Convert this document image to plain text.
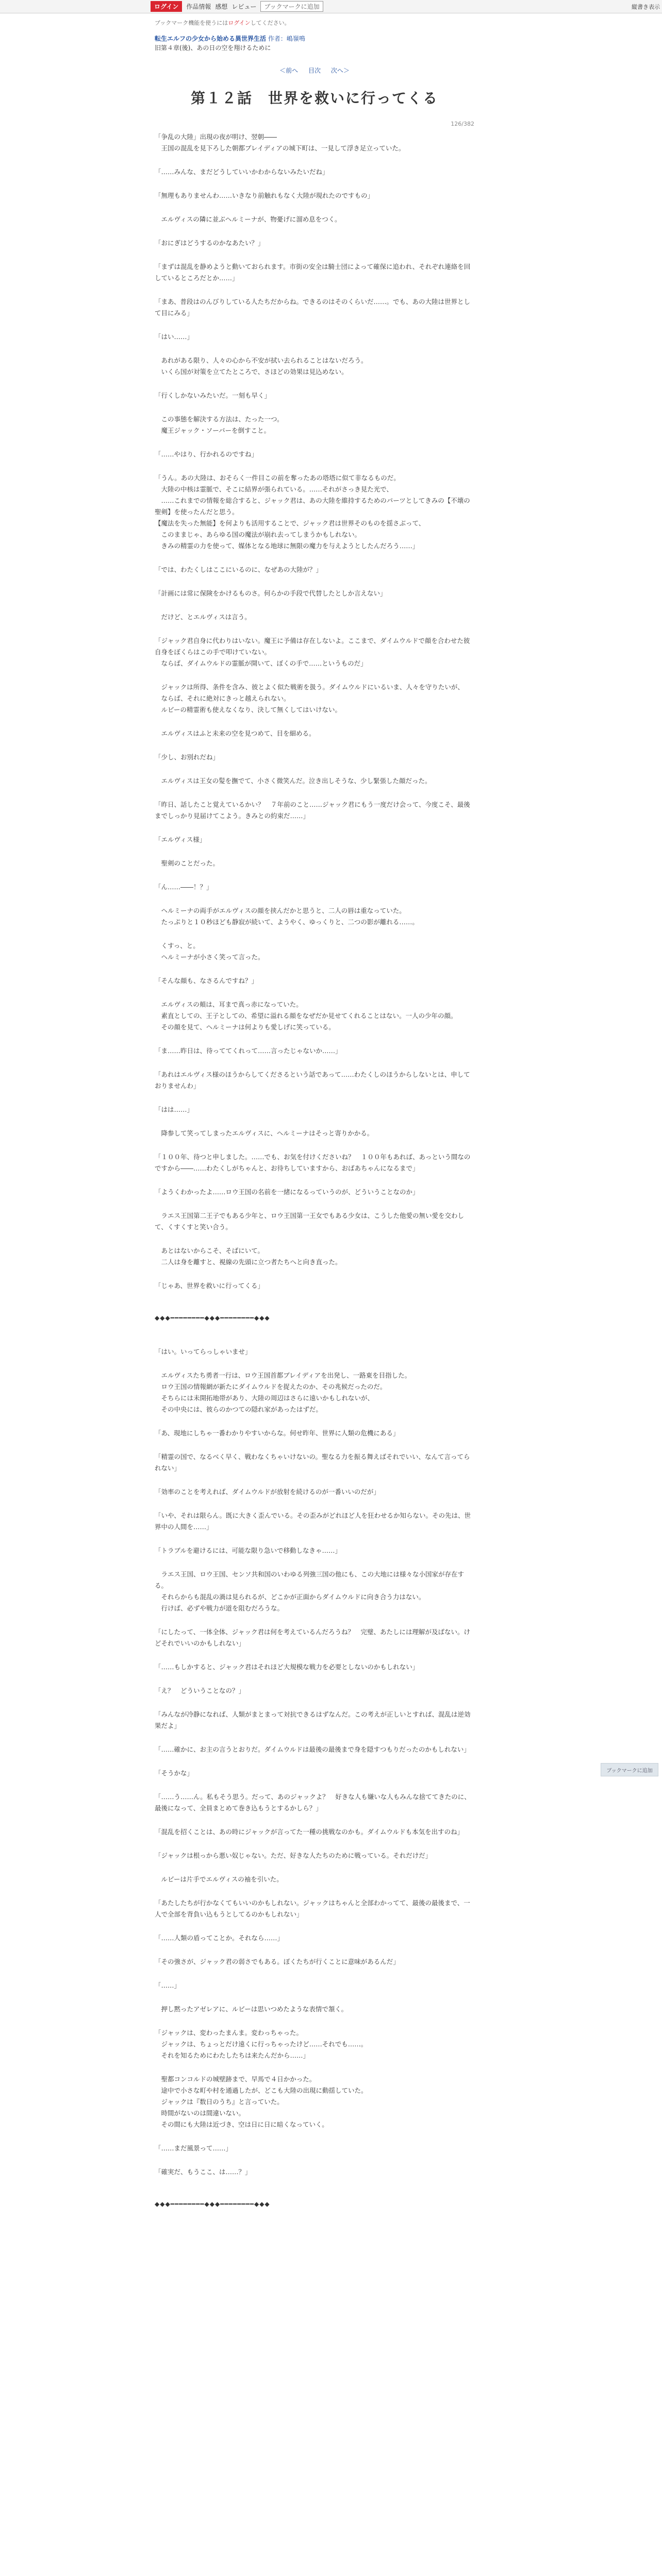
ログイン	作品情報 感想 レビュー	ブックマークに追加	縦書き表示
ブックマーク機能を使うにはログインしてください。
転生エルフの少女から始める異世界生活 作者：嶋嶺鳴
旧第４章(後)、あの日の空を翔けるために
126/382
＜前へ 目次 次へ＞
第１２話　世界を救いに行ってくる
「争乱の大陸」出現の夜が明け、翌朝――
　王国の混乱を見下ろした朝都ブレイディアの城下町は、一見して浮き足立っていた。
「……みんな、まだどうしていいかわからないみたいだね」
「無理もありませんわ……いきなり前触れもなく大陸が現れたのですもの」
　エルヴィスの隣に並ぶヘルミーナが、物憂げに溜め息をつく。
「おにぎはどうするのかなあたい？」
「まずは混乱を静めようと動いておられます。市街の安全は騎士団によって確保に追われ、それぞれ連絡を回しているところだとか……」
「まあ、普段はのんびりしている人たちだからね。できるのはそのくらいだ……。でも、あの大陸は世界として目にみる」
「はい……」
　あれがある限り、人々の心から不安が拭い去られることはないだろう。
　いくら国が対策を立てたところで、さほどの効果は見込めない。
「行くしかないみたいだ。一刻も早く」
　この事態を解決する方法は、たった一つ。
　魔王ジャック・ソーバーを倒すこと。
「……やはり、行かれるのですね」
「うん。あの大陸は、おそらく一件目この前を奪ったあの塔塔に似て非なるものだ。
　大陸の中核は霊脈で、そこに結界が張られている。……それがさっき見た光で、
　……これまでの情報を総合すると、ジャック君は、あの大陸を維持するためのパーツとしてきみの【不壊の聖剣】を使ったんだと思う。
【魔法を失った無能】を何よりも活用することで、ジャック君は世界そのものを揺さぶって、
　このままじゃ、あらゆる国の魔法が崩れ去ってしまうかもしれない。
　きみの精霊の力を使って、媒体となる地球に無限の魔力を与えようとしたんだろう……」
「では、わたくしはここにいるのに、なぜあの大陸が？」
「計画には常に保険をかけるものさ。何らかの手段で代替したとしか言えない」
　だけど、とエルヴィスは言う。
「ジャック君自身に代わりはいない。魔王に予備は存在しないよ。ここまで、ダイムウルドで顔を合わせた彼自身をぼくらはこの手で叩けていない。
　ならば、ダイムウルドの霊脈が開いて、ぼくの手で……というものだ」
　ジャックは所得、条件を含み、彼とよく似た戦術を扱う。ダイムウルドにいるいま、人々を守りたいが、
　ならば、それに絶対にきっと越えられない。
　ルビーの精霊術も使えなくなり、決して無くしてはいけない。
　エルヴィスはふと未来の空を見つめて、目を細める。
「少し、お別れだね」
　エルヴィスは王女の髪を撫でて、小さく微笑んだ。泣き出しそうな、少し緊張した顔だった。
「昨日、話したこと覚えているかい？　７年前のこと……ジャック君にもう一度だけ会って、今度こそ、最後までしっかり見届けてこよう。きみとの約束だ……」
「エルヴィス様」
　聖剣のことだった。
「ん……――！？」
　ヘルミーナの両手がエルヴィスの顔を挟んだかと思うと、二人の唇は重なっていた。
　たっぷりと１０秒ほども静寂が続いて、ようやく、ゆっくりと、二つの影が離れる……。
　くすっ、と。
　ヘルミーナが小さく笑って言った。
「そんな顔も、なさるんですね？」
　エルヴィスの頬は、耳まで真っ赤になっていた。
　素直としての、王子としての、希望に溢れる顔をなぜだか見せてくれることはない。一人の少年の顔。
　その顔を見て、ヘルミーナは何よりも愛しげに笑っている。
「ま……昨日は、待っててくれって……言ったじゃないか……」
「あれはエルヴィス様のほうからしてくださるという話であって……わたくしのほうからしないとは、申しておりませんわ」
「はは……」
　降参して笑ってしまったエルヴィスに、ヘルミーナはそっと寄りかかる。
「１００年、待つと申しました。……でも、お気を付けくださいね？　１００年もあれば、あっという間なのですから――……わたくしがちゃんと、お待ちしていますから、おばあちゃんになるまで」
「ようくわかったよ……ロウ王国の名前を一緒になるっていうのが、どういうことなのか」
　ラエス王国第二王子でもある少年と、ロウ王国第一王女でもある少女は、こうした他愛の無い愛を交わして、くすくすと笑い合う。
　あとはないからこそ、そばにいて。
　二人は身を離すと、視線の先頭に立つ者たちへと向き直った。
「じゃあ、世界を救いに行ってくる」
◆◆◆━━━━━━━━◆◆◆━━━━━━━━◆◆◆
「はい。いってらっしゃいませ」
　エルヴィスたち勇者一行は、ロウ王国首都ブレイディアを出発し、一路東を目指した。
　ロウ王国の情報網が新たにダイムウルドを捉えたのか、その兆候だったのだ。
　そちらには未開拓地帯があり、大陸の周辺はさらに遠いかもしれないが、
　その中央には、彼らのかつての隠れ家があったはずだ。
「あ、現地にしちゃ一番わかりやすいからな。何せ昨年、世界に人類の危機にある」
「精霊の国で、なるべく早く、戦わなくちゃいけないの。聖なる力を振る舞えばそれでいい、なんて言ってられない」
「効率のことを考えれば、ダイムウルドが放射を続けるのが一番いいのだが」
「いや、それは限らん。既に大きく歪んでいる。その歪みがどれほど人を狂わせるか知らない。その先は、世界中の人間を……」
「トラブルを避けるには、可能な限り急いで移動しなきゃ……」
　ラエス王国、ロウ王国、センソ共和国のいわゆる列強三国の他にも、この大地には様々な小国家が存在する。
　それらからも混乱の渦は見られるが、どこかが正面からダイムウルドに向き合う力はない。
　行けば、必ずや戦力が道を阻むだろうな。
「にしたって、一体全体、ジャック君は何を考えているんだろうね？　完璧、あたしには理解が及ばない。けどそれでいいのかもしれない」
「……もしかすると、ジャック君はそれほど大規模な戦力を必要としないのかもしれない」
「え？　どういうことなの？」
「みんなが冷静になれば、人類がまとまって対抗できるはずなんだ。この考えが正しいとすれば、混乱は逆効果だよ」
「……確かに、お主の言うとおりだ。ダイムウルドは最後の最後まで身を隠すつもりだったのかもしれない」
「そうかな」
「……う……ん。私もそう思う。だって、あのジャックよ？　好きな人も嫌いな人もみんな捨ててきたのに、最後になって、全員まとめて巻き込もうとするかしら？」
「混乱を招くことは、あの時にジャックが言ってた一種の挑戦なのかも。ダイムウルドも本気を出すのね」
「ジャックは根っから悪い奴じゃない。ただ、好きな人たちのために戦っている。それだけだ」
　ルビーは片手でエルヴィスの袖を引いた。
「あたしたちが行かなくてもいいのかもしれない。ジャックはちゃんと全部わかってて、最後の最後まで、一人で全部を背負い込もうとしてるのかもしれない」
「……人類の盾ってことか。それなら……」
「その強さが、ジャック君の弱さでもある。ぼくたちが行くことに意味があるんだ」
「……」
　押し黙ったアゼレアに、ルビーは思いつめたような表情で頷く。
「ジャックは、変わったまんま。変わっちゃった。
　ジャックは、ちょっとだけ遠くに行っちゃったけど……それでも……。
　それを知るためにわたしたちは来たんだから……」
　聖都コンコルドの城壁跡まで、早馬で４日かかった。
　途中で小さな町や村を通過したが、どこも大陸の出現に動揺していた。
　ジャックは『数日のうち』と言っていた。
　時間がないのは間違いない。
　その間にも大陸は近づき、空は日に日に暗くなっていく。
「……まだ風景って……」
「確実だ、もうここ、は……？」
◆◆◆━━━━━━━━◆◆◆━━━━━━━━◆◆◆
ブックマークに追加
